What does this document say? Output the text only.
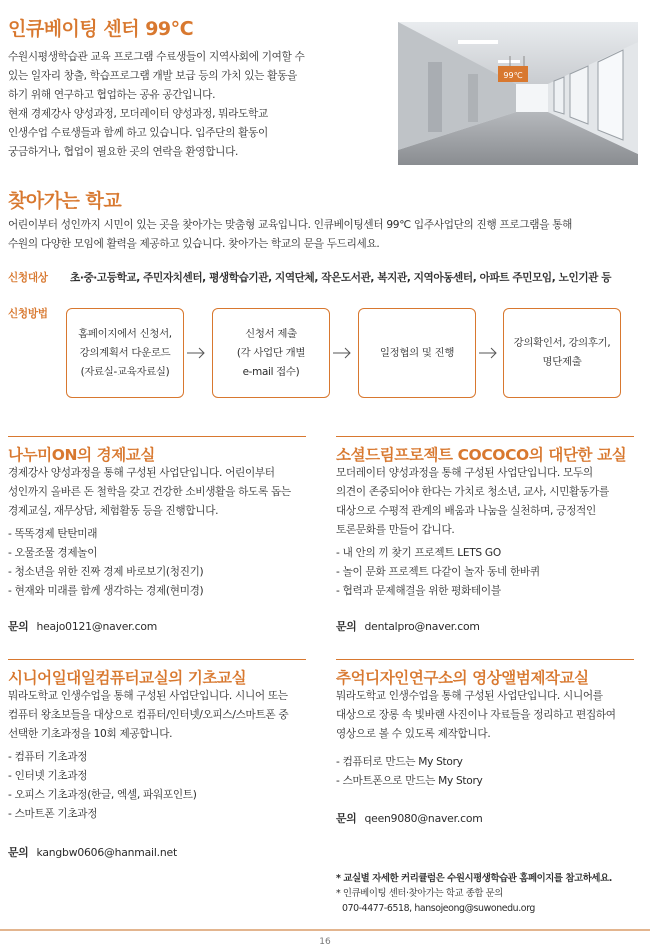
인큐베이팅 센터 99℃
수원시평생학습관 교육 프로그램 수료생들이 지역사회에 기여할 수
있는 일자리 창출, 학습프로그램 개발 보급 등의 가치 있는 활동을
하기 위해 연구하고 협업하는 공유 공간입니다.
현재 경제강사 양성과정, 모더레이터 양성과정, 뭐라도학교
인생수업 수료생들과 함께 하고 있습니다. 입주단의 활동이
궁금하거나, 협업이 필요한 곳의 연락을 환영합니다.
99℃
찾아가는 학교
어린이부터 성인까지 시민이 있는 곳을 찾아가는 맞춤형 교육입니다. 인큐베이팅센터 99℃ 입주사업단의 진행 프로그램을 통해
수원의 다양한 모임에 활력을 제공하고 있습니다. 찾아가는 학교의 문을 두드리세요.
신청대상 초·중·고등학교, 주민자치센터, 평생학습기관, 지역단체, 작은도서관, 복지관, 지역아동센터, 아파트 주민모임, 노인기관 등
신청방법
홈페이지에서 신청서,
강의계획서 다운로드
(자료실-교육자료실)
신청서 제출
(각 사업단 개별
e-mail 접수)
일정협의 및 진행
강의확인서, 강의후기,
명단제출
나누미ON의 경제교실
경제강사 양성과정을 통해 구성된 사업단입니다. 어린이부터
성인까지 올바른 돈 철학을 갖고 건강한 소비생활을 하도록 돕는
경제교실, 재무상담, 체험활동 등을 진행합니다.
- 똑똑경제 탄탄미래
- 오물조물 경제놀이
- 청소년을 위한 진짜 경제 바로보기(청진기)
- 현재와 미래를 함께 생각하는 경제(현미경)
문의 heajo0121@naver.com
소셜드림프로젝트 COCOCO의 대단한 교실
모더레이터 양성과정을 통해 구성된 사업단입니다. 모두의
의견이 존중되어야 한다는 가치로 청소년, 교사, 시민활동가를
대상으로 수평적 관계의 배움과 나눔을 실천하며, 긍정적인
토론문화를 만들어 갑니다.
- 내 안의 끼 찾기 프로젝트 LETS GO
- 놀이 문화 프로젝트 다같이 놀자 동네 한바퀴
- 협력과 문제해결을 위한 평화테이블
문의 dentalpro@naver.com
시니어일대일컴퓨터교실의 기초교실
뭐라도학교 인생수업을 통해 구성된 사업단입니다. 시니어 또는
컴퓨터 왕초보들을 대상으로 컴퓨터/인터넷/오피스/스마트폰 중
선택한 기초과정을 10회 제공합니다.
- 컴퓨터 기초과정
- 인터넷 기초과정
- 오피스 기초과정(한글, 엑셀, 파워포인트)
- 스마트폰 기초과정
문의 kangbw0606@hanmail.net
추억디자인연구소의 영상앨범제작교실
뭐라도학교 인생수업을 통해 구성된 사업단입니다. 시니어를
대상으로 장롱 속 빛바랜 사진이나 자료들을 정리하고 편집하여
영상으로 볼 수 있도록 제작합니다.
- 컴퓨터로 만드는 My Story
- 스마트폰으로 만드는 My Story
문의 qeen9080@naver.com
* 교실별 자세한 커리큘럼은 수원시평생학습관 홈페이지를 참고하세요.
* 인큐베이팅 센터·찾아가는 학교 종합 문의
070-4477-6518, hansojeong@suwonedu.org
16
